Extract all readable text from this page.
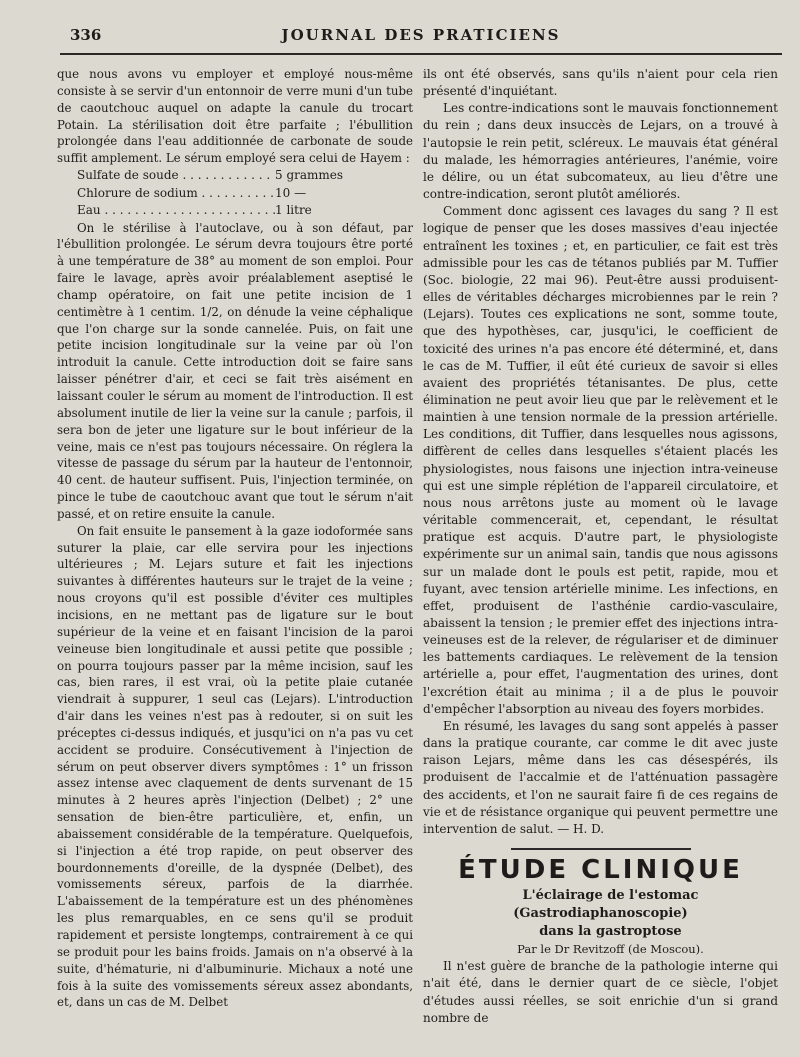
336	JOURNAL DES PRATICIENS

que nous avons vu employer et employé nous-même consiste à se servir d'un entonnoir de verre muni d'un tube de caoutchouc auquel on adapte la canule du trocart Potain. La stérilisation doit être parfaite ; l'ébullition prolongée dans l'eau additionnée de carbonate de soude suffit amplement. Le sérum employé sera celui de Hayem :

Sulfate de soude . . .	5 grammes
Chlorure de sodium . . .	10 —
Eau . . .	1 litre

On le stérilise à l'autoclave, ou à son défaut, par l'ébullition prolongée. Le sérum devra toujours être porté à une température de 38° au moment de son emploi. Pour faire le lavage, après avoir préalablement aseptisé le champ opératoire, on fait une petite incision de 1 centimètre à 1 centim. 1/2, on dénude la veine céphalique que l'on charge sur la sonde cannelée. Puis, on fait une petite incision longitudinale sur la veine par où l'on introduit la canule. Cette introduction doit se faire sans laisser pénétrer d'air, et ceci se fait très aisément en laissant couler le sérum au moment de l'introduction. Il est absolument inutile de lier la veine sur la canule ; parfois, il sera bon de jeter une ligature sur le bout inférieur de la veine, mais ce n'est pas toujours nécessaire. On réglera la vitesse de passage du sérum par la hauteur de l'entonnoir, 40 cent. de hauteur suffisent. Puis, l'injection terminée, on pince le tube de caoutchouc avant que tout le sérum n'ait passé, et on retire ensuite la canule.

On fait ensuite le pansement à la gaze iodoformée sans suturer la plaie, car elle servira pour les injections ultérieures ; M. Lejars suture et fait les injections suivantes à différentes hauteurs sur le trajet de la veine ; nous croyons qu'il est possible d'éviter ces multiples incisions, en ne mettant pas de ligature sur le bout supérieur de la veine et en faisant l'incision de la paroi veineuse bien longitudinale et aussi petite que possible ; on pourra toujours passer par la même incision, sauf les cas, bien rares, il est vrai, où la petite plaie cutanée viendrait à suppurer, 1 seul cas (Lejars). L'introduction d'air dans les veines n'est pas à redouter, si on suit les préceptes ci-dessus indiqués, et jusqu'ici on n'a pas vu cet accident se produire. Consécutivement à l'injection de sérum on peut observer divers symptômes : 1° un frisson assez intense avec claquement de dents survenant de 15 minutes à 2 heures après l'injection (Delbet) ; 2° une sensation de bien-être particulière, et, enfin, un abaissement considérable de la température. Quelquefois, si l'injection a été trop rapide, on peut observer des bourdonnements d'oreille, de la dyspnée (Delbet), des vomissements séreux, parfois de la diarrhée. L'abaissement de la température est un des phénomènes les plus remarquables, en ce sens qu'il se produit rapidement et persiste longtemps, contrairement à ce qui se produit pour les bains froids. Jamais on n'a observé à la suite, d'hématurie, ni d'albuminurie. Michaux a noté une fois à la suite des vomissements séreux assez abondants, et, dans un cas de M. Delbet

ils ont été observés, sans qu'ils n'aient pour cela rien présenté d'inquiétant.

Les contre-indications sont le mauvais fonctionnement du rein ; dans deux insuccès de Lejars, on a trouvé à l'autopsie le rein petit, scléreux. Le mauvais état général du malade, les hémorragies antérieures, l'anémie, voire le délire, ou un état subcomateux, au lieu d'être une contre-indication, seront plutôt améliorés.

Comment donc agissent ces lavages du sang ? Il est logique de penser que les doses massives d'eau injectée entraînent les toxines ; et, en particulier, ce fait est très admissible pour les cas de tétanos publiés par M. Tuffier (Soc. biologie, 22 mai 96). Peut-être aussi produisent-elles de véritables décharges microbiennes par le rein ? (Lejars). Toutes ces explications ne sont, somme toute, que des hypothèses, car, jusqu'ici, le coefficient de toxicité des urines n'a pas encore été déterminé, et, dans le cas de M. Tuffier, il eût été curieux de savoir si elles avaient des propriétés tétanisantes. De plus, cette élimination ne peut avoir lieu que par le relèvement et le maintien à une tension normale de la pression artérielle. Les conditions, dit Tuffier, dans lesquelles nous agissons, diffèrent de celles dans lesquelles s'étaient placés les physiologistes, nous faisons une injection intra-veineuse qui est une simple réplétion de l'appareil circulatoire, et nous nous arrêtons juste au moment où le lavage véritable commencerait, et, cependant, le résultat pratique est acquis. D'autre part, le physiologiste expérimente sur un animal sain, tandis que nous agissons sur un malade dont le pouls est petit, rapide, mou et fuyant, avec tension artérielle minime. Les infections, en effet, produisent de l'asthénie cardio-vasculaire, abaissent la tension ; le premier effet des injections intra-veineuses est de la relever, de régulariser et de diminuer les battements cardiaques. Le relèvement de la tension artérielle a, pour effet, l'augmentation des urines, dont l'excrétion était au minima ; il a de plus le pouvoir d'empêcher l'absorption au niveau des foyers morbides.

En résumé, les lavages du sang sont appelés à passer dans la pratique courante, car comme le dit avec juste raison Lejars, même dans les cas désespérés, ils produisent de l'accalmie et de l'atténuation passagère des accidents, et l'on ne saurait faire fi de ces regains de vie et de résistance organique qui peuvent permettre une intervention de salut. — H. D.

ÉTUDE CLINIQUE

L'éclairage de l'estomac (Gastrodiaphanoscopie)

dans la gastroptose

Par le Dr Revitzoff (de Moscou).

Il n'est guère de branche de la pathologie interne qui n'ait été, dans le dernier quart de ce siècle, l'objet d'études aussi réelles, se soit enrichie d'un si grand nombre de
